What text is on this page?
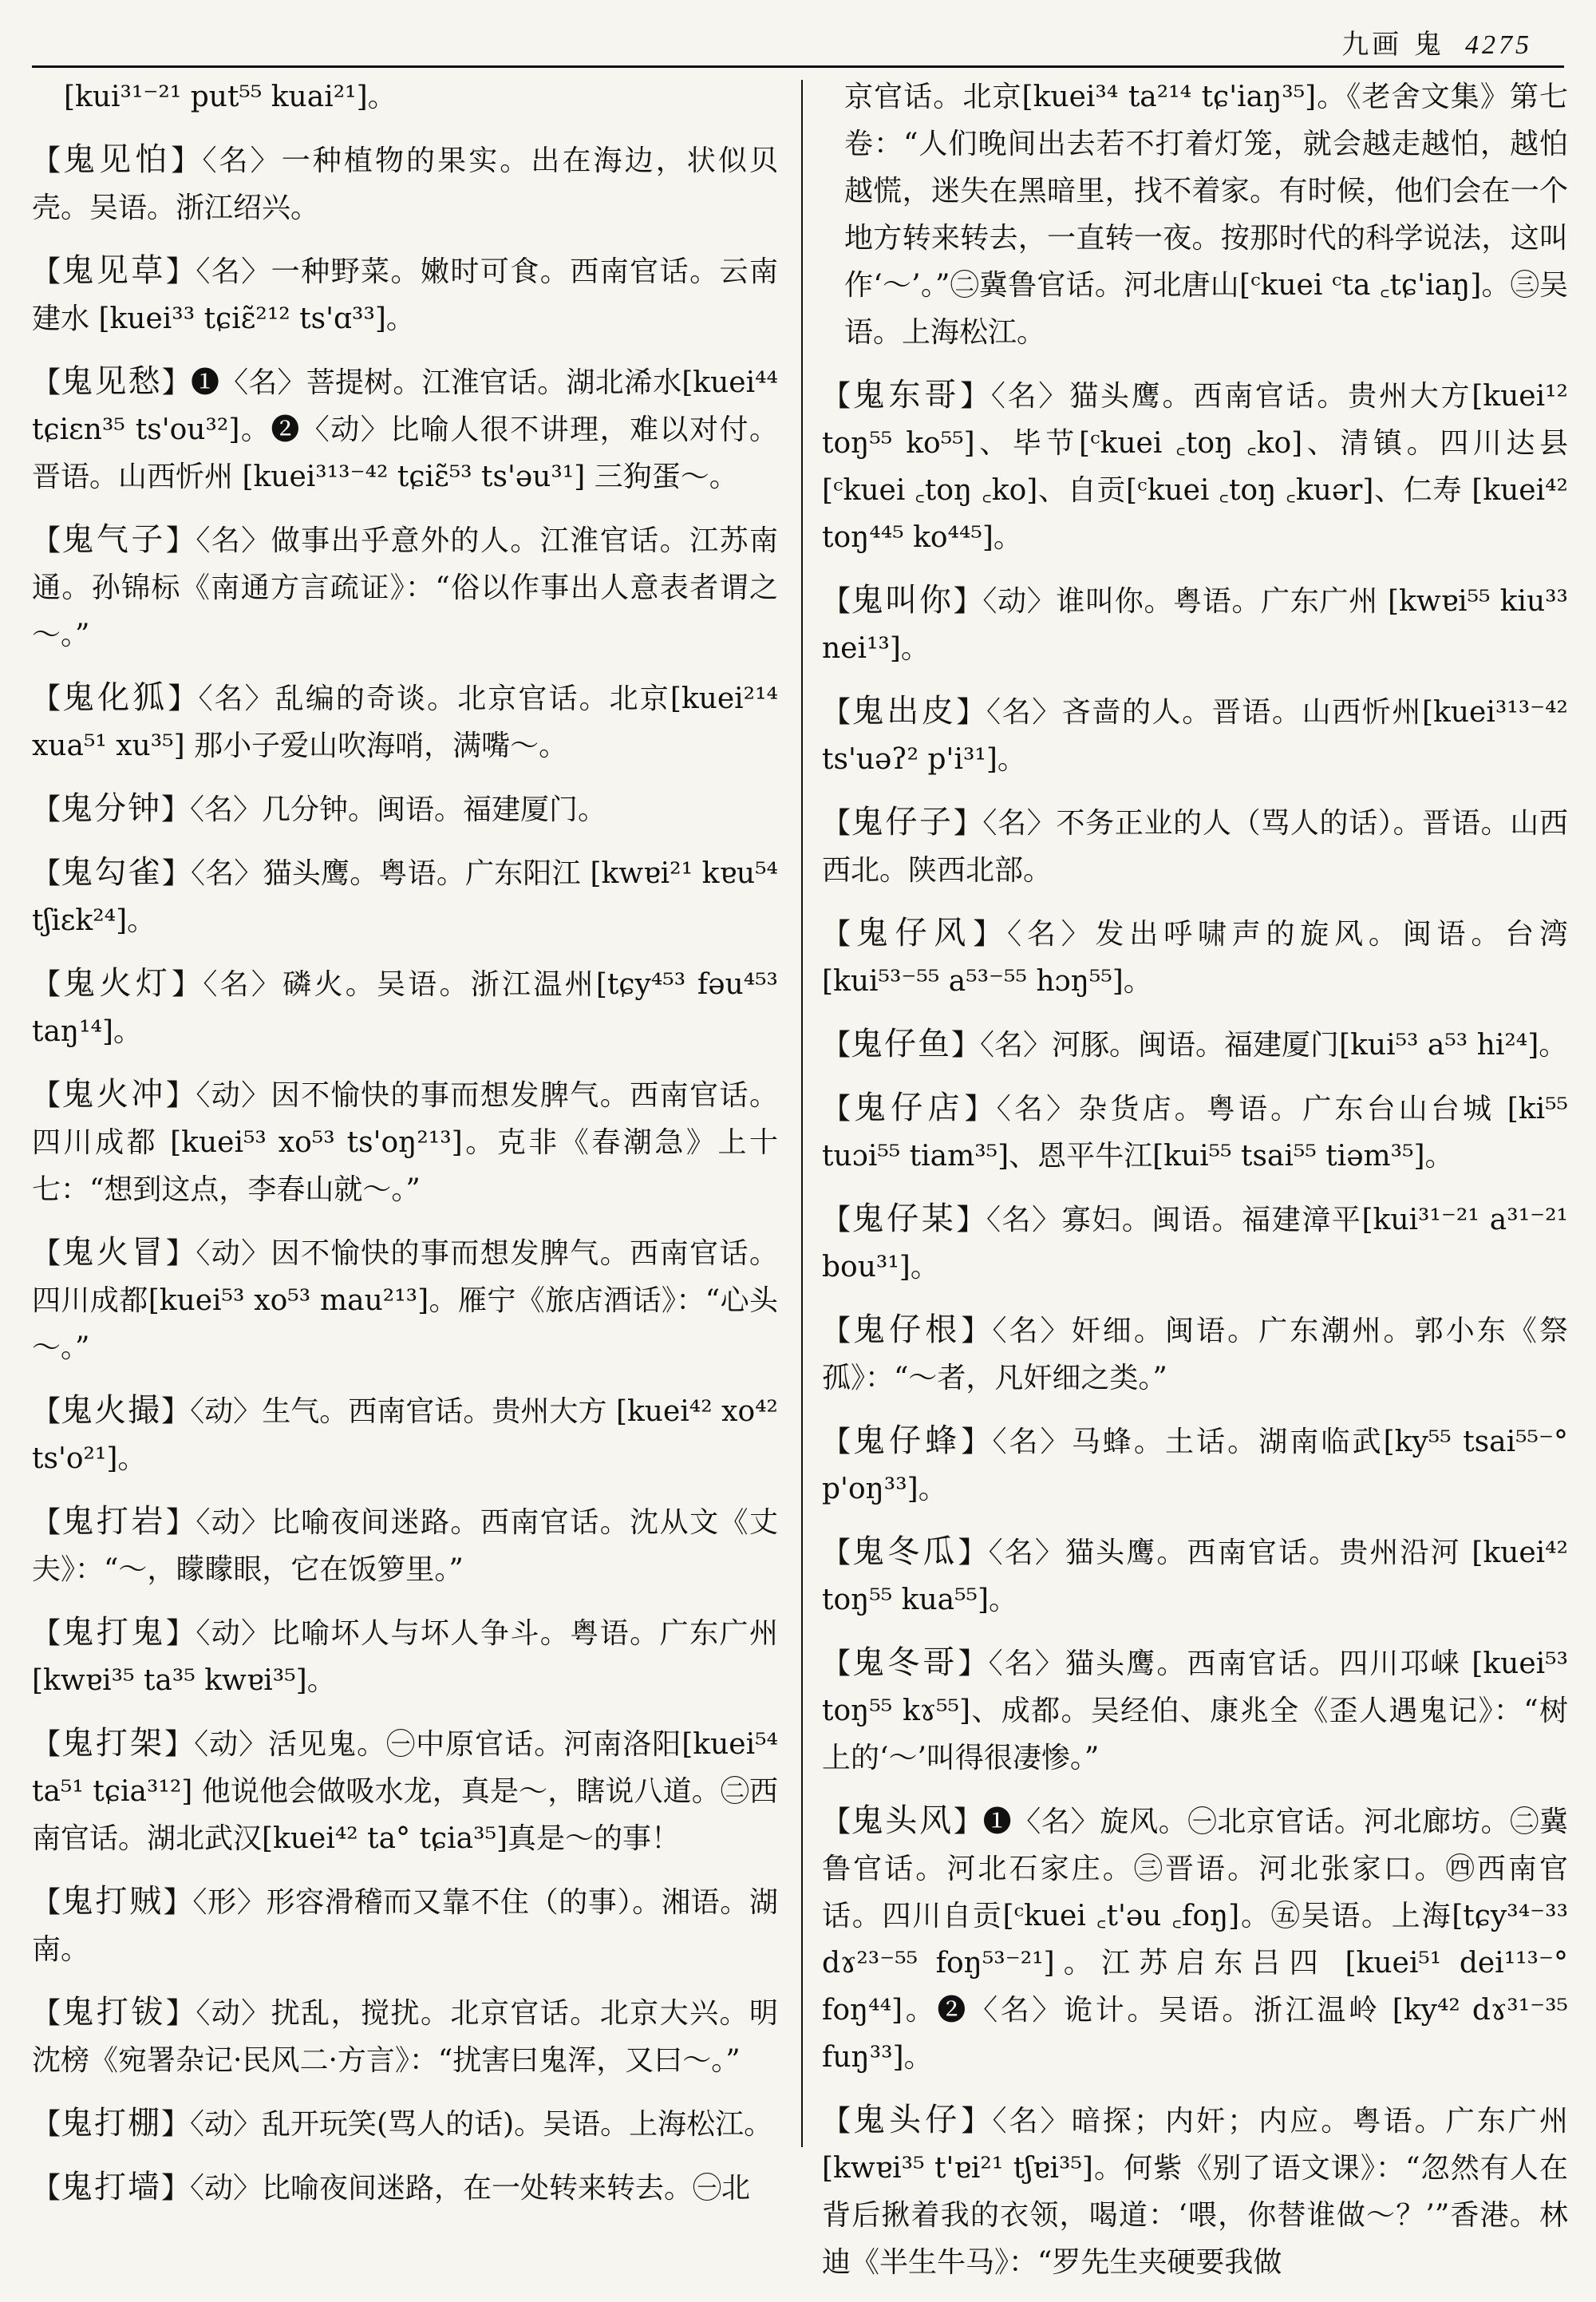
九画 鬼 4275

[kui³¹⁻²¹ put⁵⁵ kuai²¹]。

【鬼见怕】〈名〉一种植物的果实。出在海边，状似贝壳。吴语。浙江绍兴。

【鬼见草】〈名〉一种野菜。嫩时可食。西南官话。云南建水 [kuei³³ tɕiɛ̃²¹² ts'ɑ³³]。

【鬼见愁】❶〈名〉菩提树。江淮官话。湖北浠水[kuei⁴⁴ tɕiɛn³⁵ ts'ou³²]。❷〈动〉比喻人很不讲理，难以对付。晋语。山西忻州 [kuei³¹³⁻⁴² tɕiɛ̃⁵³ ts'əu³¹] 三狗蛋～。

【鬼气子】〈名〉做事出乎意外的人。江淮官话。江苏南通。孙锦标《南通方言疏证》：“俗以作事出人意表者谓之～。”

【鬼化狐】〈名〉乱编的奇谈。北京官话。北京[kuei²¹⁴ xua⁵¹ xu³⁵] 那小子爱山吹海哨，满嘴～。

【鬼分钟】〈名〉几分钟。闽语。福建厦门。

【鬼勾雀】〈名〉猫头鹰。粤语。广东阳江 [kwɐi²¹ kɐu⁵⁴ tʃiɛk²⁴]。

【鬼火灯】〈名〉磷火。吴语。浙江温州[tɕy⁴⁵³ fəu⁴⁵³ taŋ¹⁴]。

【鬼火冲】〈动〉因不愉快的事而想发脾气。西南官话。四川成都 [kuei⁵³ xo⁵³ ts'oŋ²¹³]。克非《春潮急》上十七：“想到这点，李春山就～。”

【鬼火冒】〈动〉因不愉快的事而想发脾气。西南官话。四川成都[kuei⁵³ xo⁵³ mau²¹³]。雁宁《旅店酒话》：“心头～。”

【鬼火撮】〈动〉生气。西南官话。贵州大方 [kuei⁴² xo⁴² ts'o²¹]。

【鬼打岩】〈动〉比喻夜间迷路。西南官话。沈从文《丈夫》：“～，矇矇眼，它在饭箩里。”

【鬼打鬼】〈动〉比喻坏人与坏人争斗。粤语。广东广州 [kwɐi³⁵ ta³⁵ kwɐi³⁵]。

【鬼打架】〈动〉活见鬼。㊀中原官话。河南洛阳[kuei⁵⁴ ta⁵¹ tɕia³¹²] 他说他会做吸水龙，真是～，瞎说八道。㊁西南官话。湖北武汉[kuei⁴² ta° tɕia³⁵]真是～的事！

【鬼打贼】〈形〉形容滑稽而又靠不住（的事）。湘语。湖南。

【鬼打钹】〈动〉扰乱，搅扰。北京官话。北京大兴。明沈榜《宛署杂记·民风二·方言》：“扰害曰鬼浑，又曰～。”

【鬼打棚】〈动〉乱开玩笑(骂人的话)。吴语。上海松江。

【鬼打墙】〈动〉比喻夜间迷路，在一处转来转去。㊀北

京官话。北京[kuei³⁴ ta²¹⁴ tɕ'iaŋ³⁵]。《老舍文集》第七卷：“人们晚间出去若不打着灯笼，就会越走越怕，越怕越慌，迷失在黑暗里，找不着家。有时候，他们会在一个地方转来转去，一直转一夜。按那时代的科学说法，这叫作‘～’。”㊁冀鲁官话。河北唐山[ᶜkuei ᶜta ꜀tɕ'iaŋ]。㊂吴语。上海松江。

【鬼东哥】〈名〉猫头鹰。西南官话。贵州大方[kuei¹² toŋ⁵⁵ ko⁵⁵]、毕节[ᶜkuei ꜀toŋ ꜀ko]、清镇。四川达县[ᶜkuei ꜀toŋ ꜀ko]、自贡[ᶜkuei ꜀toŋ ꜀kuər]、仁寿 [kuei⁴² toŋ⁴⁴⁵ ko⁴⁴⁵]。

【鬼叫你】〈动〉谁叫你。粤语。广东广州 [kwɐi⁵⁵ kiu³³ nei¹³]。

【鬼出皮】〈名〉吝啬的人。晋语。山西忻州[kuei³¹³⁻⁴² ts'uəʔ² p'i³¹]。

【鬼仔子】〈名〉不务正业的人（骂人的话）。晋语。山西西北。陕西北部。

【鬼仔风】〈名〉发出呼啸声的旋风。闽语。台湾 [kui⁵³⁻⁵⁵ a⁵³⁻⁵⁵ hɔŋ⁵⁵]。

【鬼仔鱼】〈名〉河豚。闽语。福建厦门[kui⁵³ a⁵³ hi²⁴]。

【鬼仔店】〈名〉杂货店。粤语。广东台山台城 [ki⁵⁵ tuɔi⁵⁵ tiam³⁵]、恩平牛江[kui⁵⁵ tsai⁵⁵ tiəm³⁵]。

【鬼仔某】〈名〉寡妇。闽语。福建漳平[kui³¹⁻²¹ a³¹⁻²¹ bou³¹]。

【鬼仔根】〈名〉奸细。闽语。广东潮州。郭小东《祭孤》：“～者，凡奸细之类。”

【鬼仔蜂】〈名〉马蜂。土话。湖南临武[ky⁵⁵ tsai⁵⁵⁻° p'oŋ³³]。

【鬼冬瓜】〈名〉猫头鹰。西南官话。贵州沿河 [kuei⁴² toŋ⁵⁵ kua⁵⁵]。

【鬼冬哥】〈名〉猫头鹰。西南官话。四川邛崃 [kuei⁵³ toŋ⁵⁵ kɤ⁵⁵]、成都。吴经伯、康兆全《歪人遇鬼记》：“树上的‘～’叫得很凄惨。”

【鬼头风】❶〈名〉旋风。㊀北京官话。河北廊坊。㊁冀鲁官话。河北石家庄。㊂晋语。河北张家口。㊃西南官话。四川自贡[ᶜkuei ꜀t'əu ꜀foŋ]。㊄吴语。上海[tɕy³⁴⁻³³ dɤ²³⁻⁵⁵ foŋ⁵³⁻²¹]。江苏启东吕四 [kuei⁵¹ dei¹¹³⁻° foŋ⁴⁴]。❷〈名〉诡计。吴语。浙江温岭 [ky⁴² dɤ³¹⁻³⁵ fuŋ³³]。

【鬼头仔】〈名〉暗探；内奸；内应。粤语。广东广州 [kwɐi³⁵ t'ɐi²¹ tʃɐi³⁵]。何紫《别了语文课》：“忽然有人在背后揪着我的衣领，喝道：‘喂，你替谁做～？’”香港。林迪《半生牛马》：“罗先生夹硬要我做
